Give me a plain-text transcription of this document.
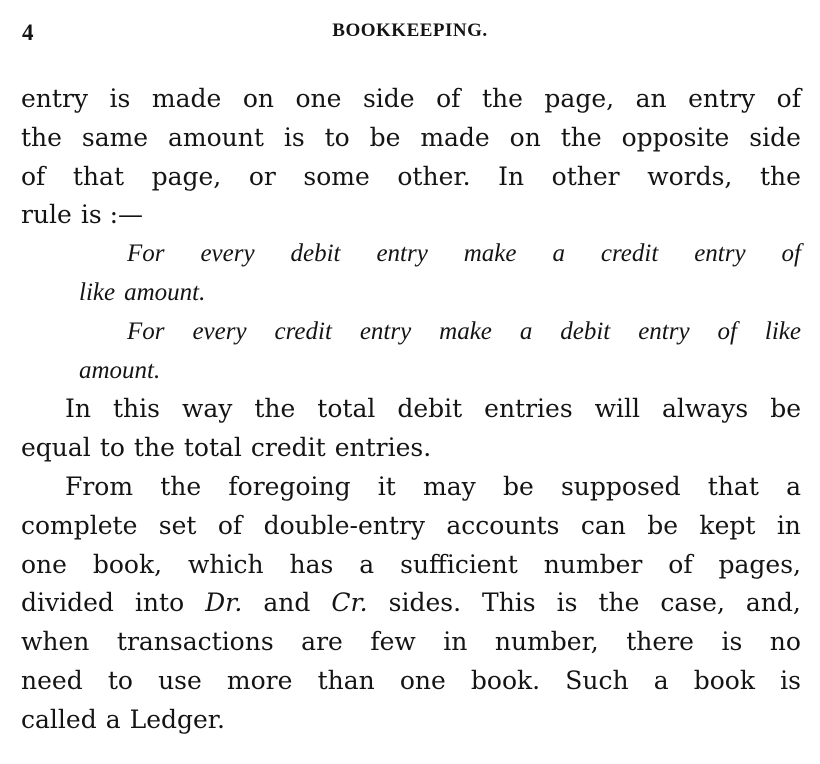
4	BOOKKEEPING.
entry is made on one side of the page, an entry of
the same amount is to be made on the opposite side
of that page, or some other. In other words, the
rule is :—
For every debit entry make a credit entry of
like amount.
For every credit entry make a debit entry of like
amount.
In this way the total debit entries will always be
equal to the total credit entries.
From the foregoing it may be supposed that a
complete set of double-entry accounts can be kept in
one book, which has a sufficient number of pages,
divided into Dr. and Cr. sides. This is the case, and,
when transactions are few in number, there is no
need to use more than one book. Such a book is
called a Ledger.
